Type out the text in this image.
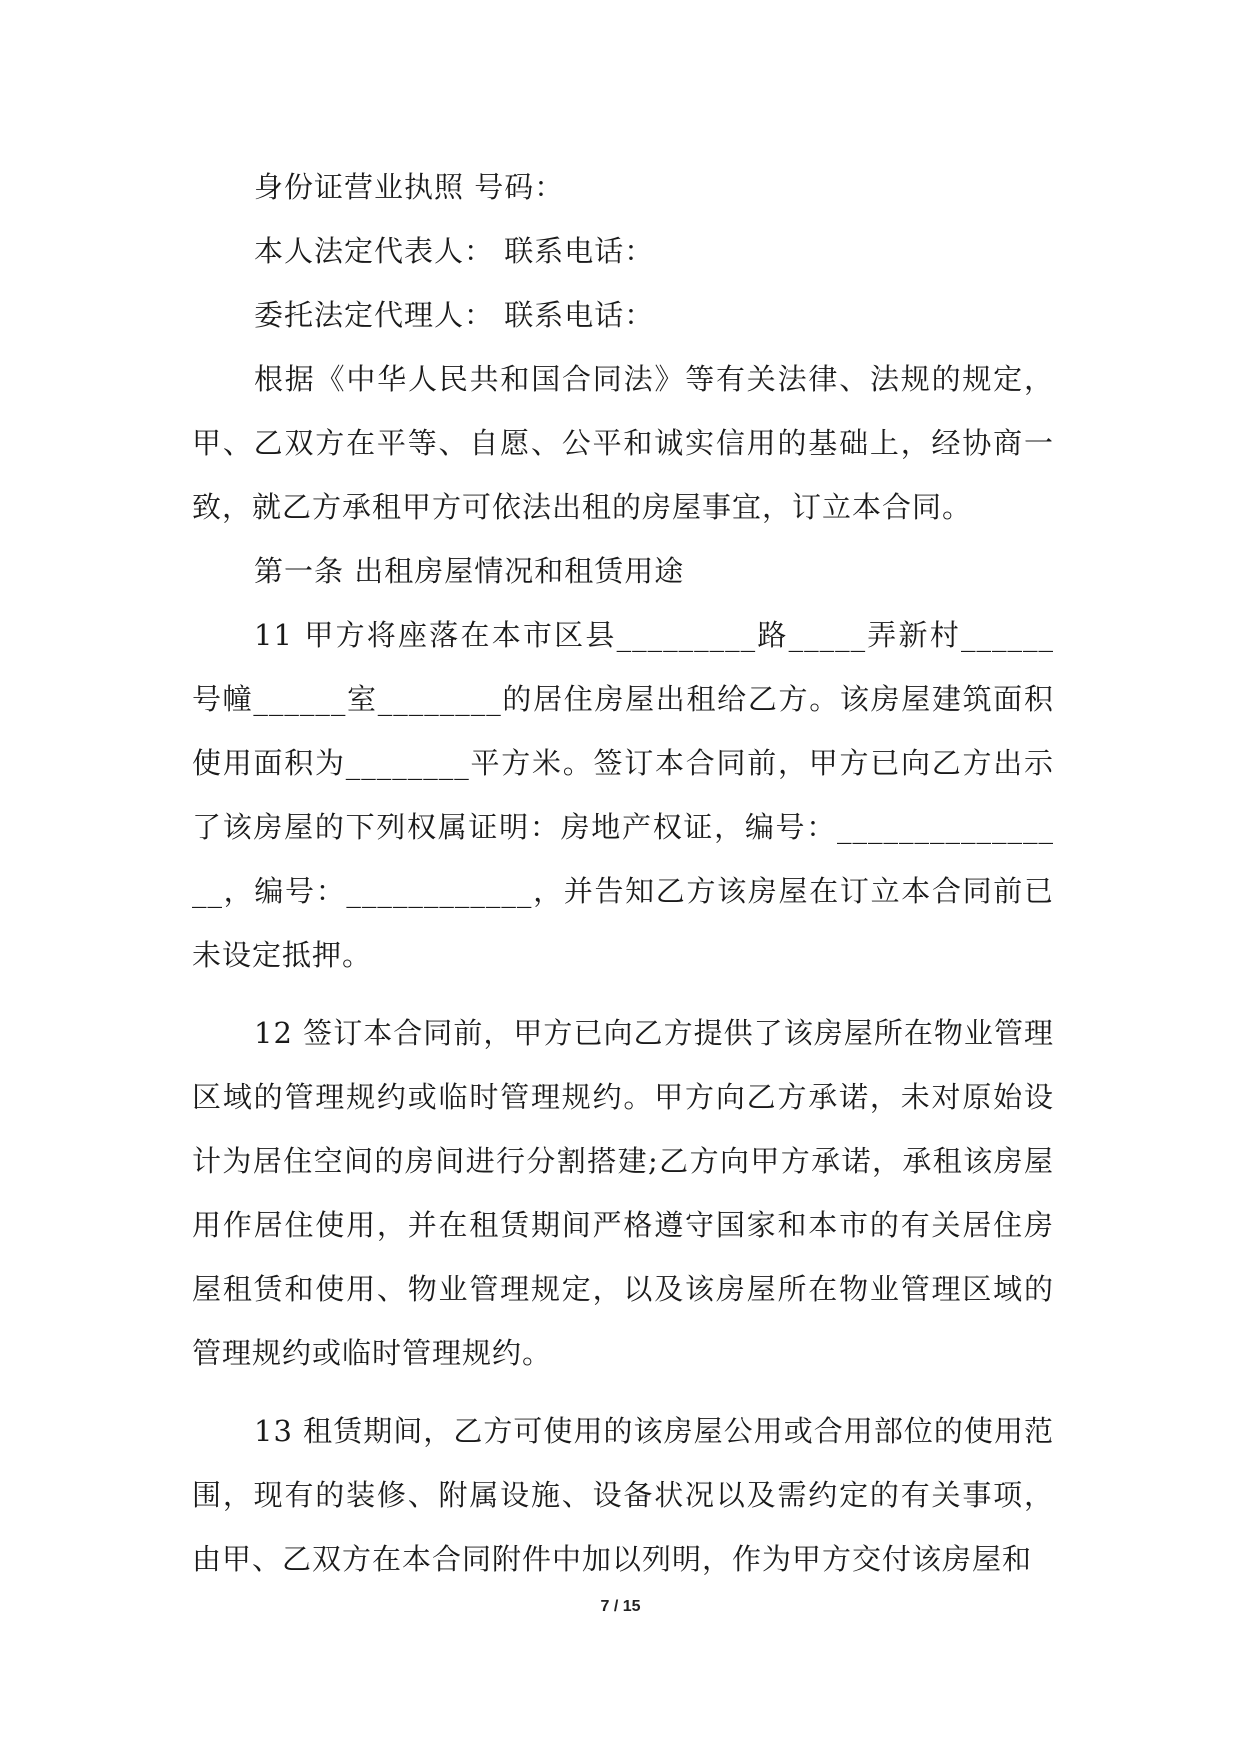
身份证营业执照 号码：

本人法定代表人： 联系电话：

委托法定代理人： 联系电话：

根据《中华人民共和国合同法》等有关法律、法规的规定，甲、乙双方在平等、自愿、公平和诚实信用的基础上，经协商一致，就乙方承租甲方可依法出租的房屋事宜，订立本合同。

第一条 出租房屋情况和租赁用途

11 甲方将座落在本市区县_________路_____弄新村______号幢______室________的居住房屋出租给乙方。该房屋建筑面积使用面积为________平方米。签订本合同前，甲方已向乙方出示了该房屋的下列权属证明：房地产权证，编号：________________，编号：____________，并告知乙方该房屋在订立本合同前已未设定抵押。

12 签订本合同前，甲方已向乙方提供了该房屋所在物业管理区域的管理规约或临时管理规约。甲方向乙方承诺，未对原始设计为居住空间的房间进行分割搭建;乙方向甲方承诺，承租该房屋用作居住使用，并在租赁期间严格遵守国家和本市的有关居住房屋租赁和使用、物业管理规定，以及该房屋所在物业管理区域的管理规约或临时管理规约。

13 租赁期间，乙方可使用的该房屋公用或合用部位的使用范围，现有的装修、附属设施、设备状况以及需约定的有关事项，由甲、乙双方在本合同附件中加以列明，作为甲方交付该房屋和

7 / 15
